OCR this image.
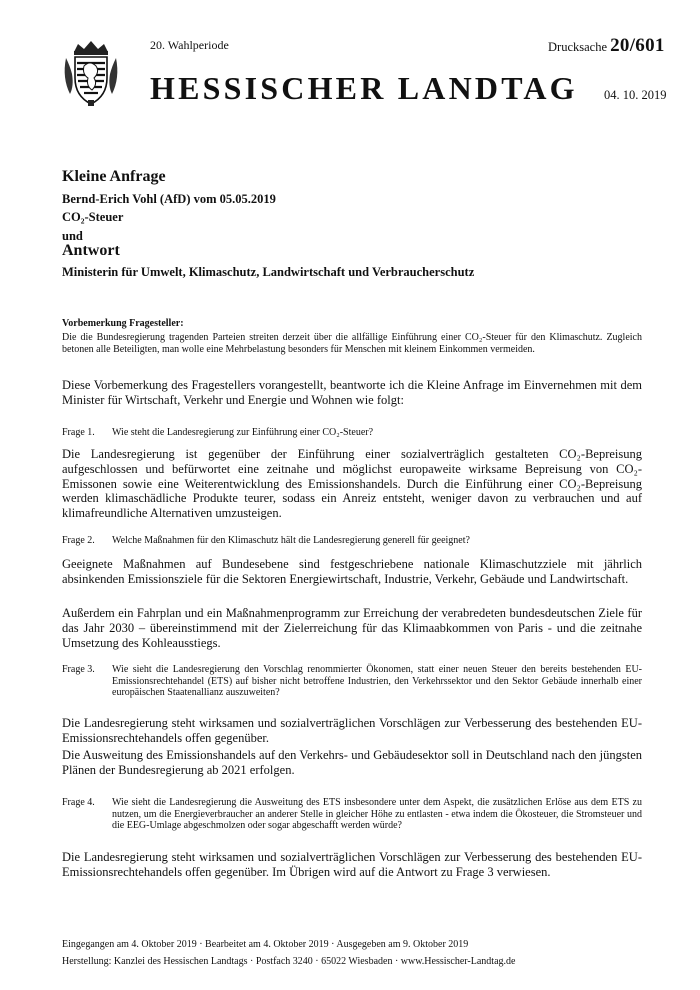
20. Wahlperiode	Drucksache 20/601
HESSISCHER LANDTAG 04. 10. 2019
Kleine Anfrage
Bernd-Erich Vohl (AfD) vom 05.05.2019
CO₂-Steuer
und
Antwort
Ministerin für Umwelt, Klimaschutz, Landwirtschaft und Verbraucherschutz
Vorbemerkung Fragesteller:
Die die Bundesregierung tragenden Parteien streiten derzeit über die allfällige Einführung einer CO₂-Steuer für den Klimaschutz. Zugleich betonen alle Beteiligten, man wolle eine Mehrbelastung besonders für Menschen mit kleinem Einkommen vermeiden.
Diese Vorbemerkung des Fragestellers vorangestellt, beantworte ich die Kleine Anfrage im Einvernehmen mit dem Minister für Wirtschaft, Verkehr und Energie und Wohnen wie folgt:
Frage 1.	Wie steht die Landesregierung zur Einführung einer CO₂-Steuer?
Die Landesregierung ist gegenüber der Einführung einer sozialverträglich gestalteten CO₂-Bepreisung aufgeschlossen und befürwortet eine zeitnahe und möglichst europaweite wirksame Bepreisung von CO₂-Emissonen sowie eine Weiterentwicklung des Emissionshandels. Durch die Einführung einer CO₂-Bepreisung werden klimaschädliche Produkte teurer, sodass ein Anreiz entsteht, weniger davon zu verbrauchen und auf klimafreundliche Alternativen umzusteigen.
Frage 2.	Welche Maßnahmen für den Klimaschutz hält die Landesregierung generell für geeignet?
Geeignete Maßnahmen auf Bundesebene sind festgeschriebene nationale Klimaschutzziele mit jährlich absinkenden Emissionsziele für die Sektoren Energiewirtschaft, Industrie, Verkehr, Gebäude und Landwirtschaft.
Außerdem ein Fahrplan und ein Maßnahmenprogramm zur Erreichung der verabredeten bundesdeutschen Ziele für das Jahr 2030 – übereinstimmend mit der Zielerreichung für das Klimaabkommen von Paris - und die zeitnahe Umsetzung des Kohleausstiegs.
Frage 3.	Wie sieht die Landesregierung den Vorschlag renommierter Ökonomen, statt einer neuen Steuer den bereits bestehenden EU-Emissionsrechtehandel (ETS) auf bisher nicht betroffene Industrien, den Verkehrssektor und den Sektor Gebäude innerhalb einer europäischen Staatenallianz auszuweiten?
Die Landesregierung steht wirksamen und sozialverträglichen Vorschlägen zur Verbesserung des bestehenden EU-Emissionsrechtehandels offen gegenüber.
Die Ausweitung des Emissionshandels auf den Verkehrs- und Gebäudesektor soll in Deutschland nach den jüngsten Plänen der Bundesregierung ab 2021 erfolgen.
Frage 4.	Wie sieht die Landesregierung die Ausweitung des ETS insbesondere unter dem Aspekt, die zusätzlichen Erlöse aus dem ETS zu nutzen, um die Energieverbraucher an anderer Stelle in gleicher Höhe zu entlasten - etwa indem die Ökosteuer, die Stromsteuer und die EEG-Umlage abgeschmolzen oder sogar abgeschafft werden würde?
Die Landesregierung steht wirksamen und sozialverträglichen Vorschlägen zur Verbesserung des bestehenden EU-Emissionsrechtehandels offen gegenüber. Im Übrigen wird auf die Antwort zu Frage 3 verwiesen.
Eingegangen am 4. Oktober 2019 · Bearbeitet am 4. Oktober 2019 · Ausgegeben am 9. Oktober 2019
Herstellung: Kanzlei des Hessischen Landtags · Postfach 3240 · 65022 Wiesbaden · www.Hessischer-Landtag.de
